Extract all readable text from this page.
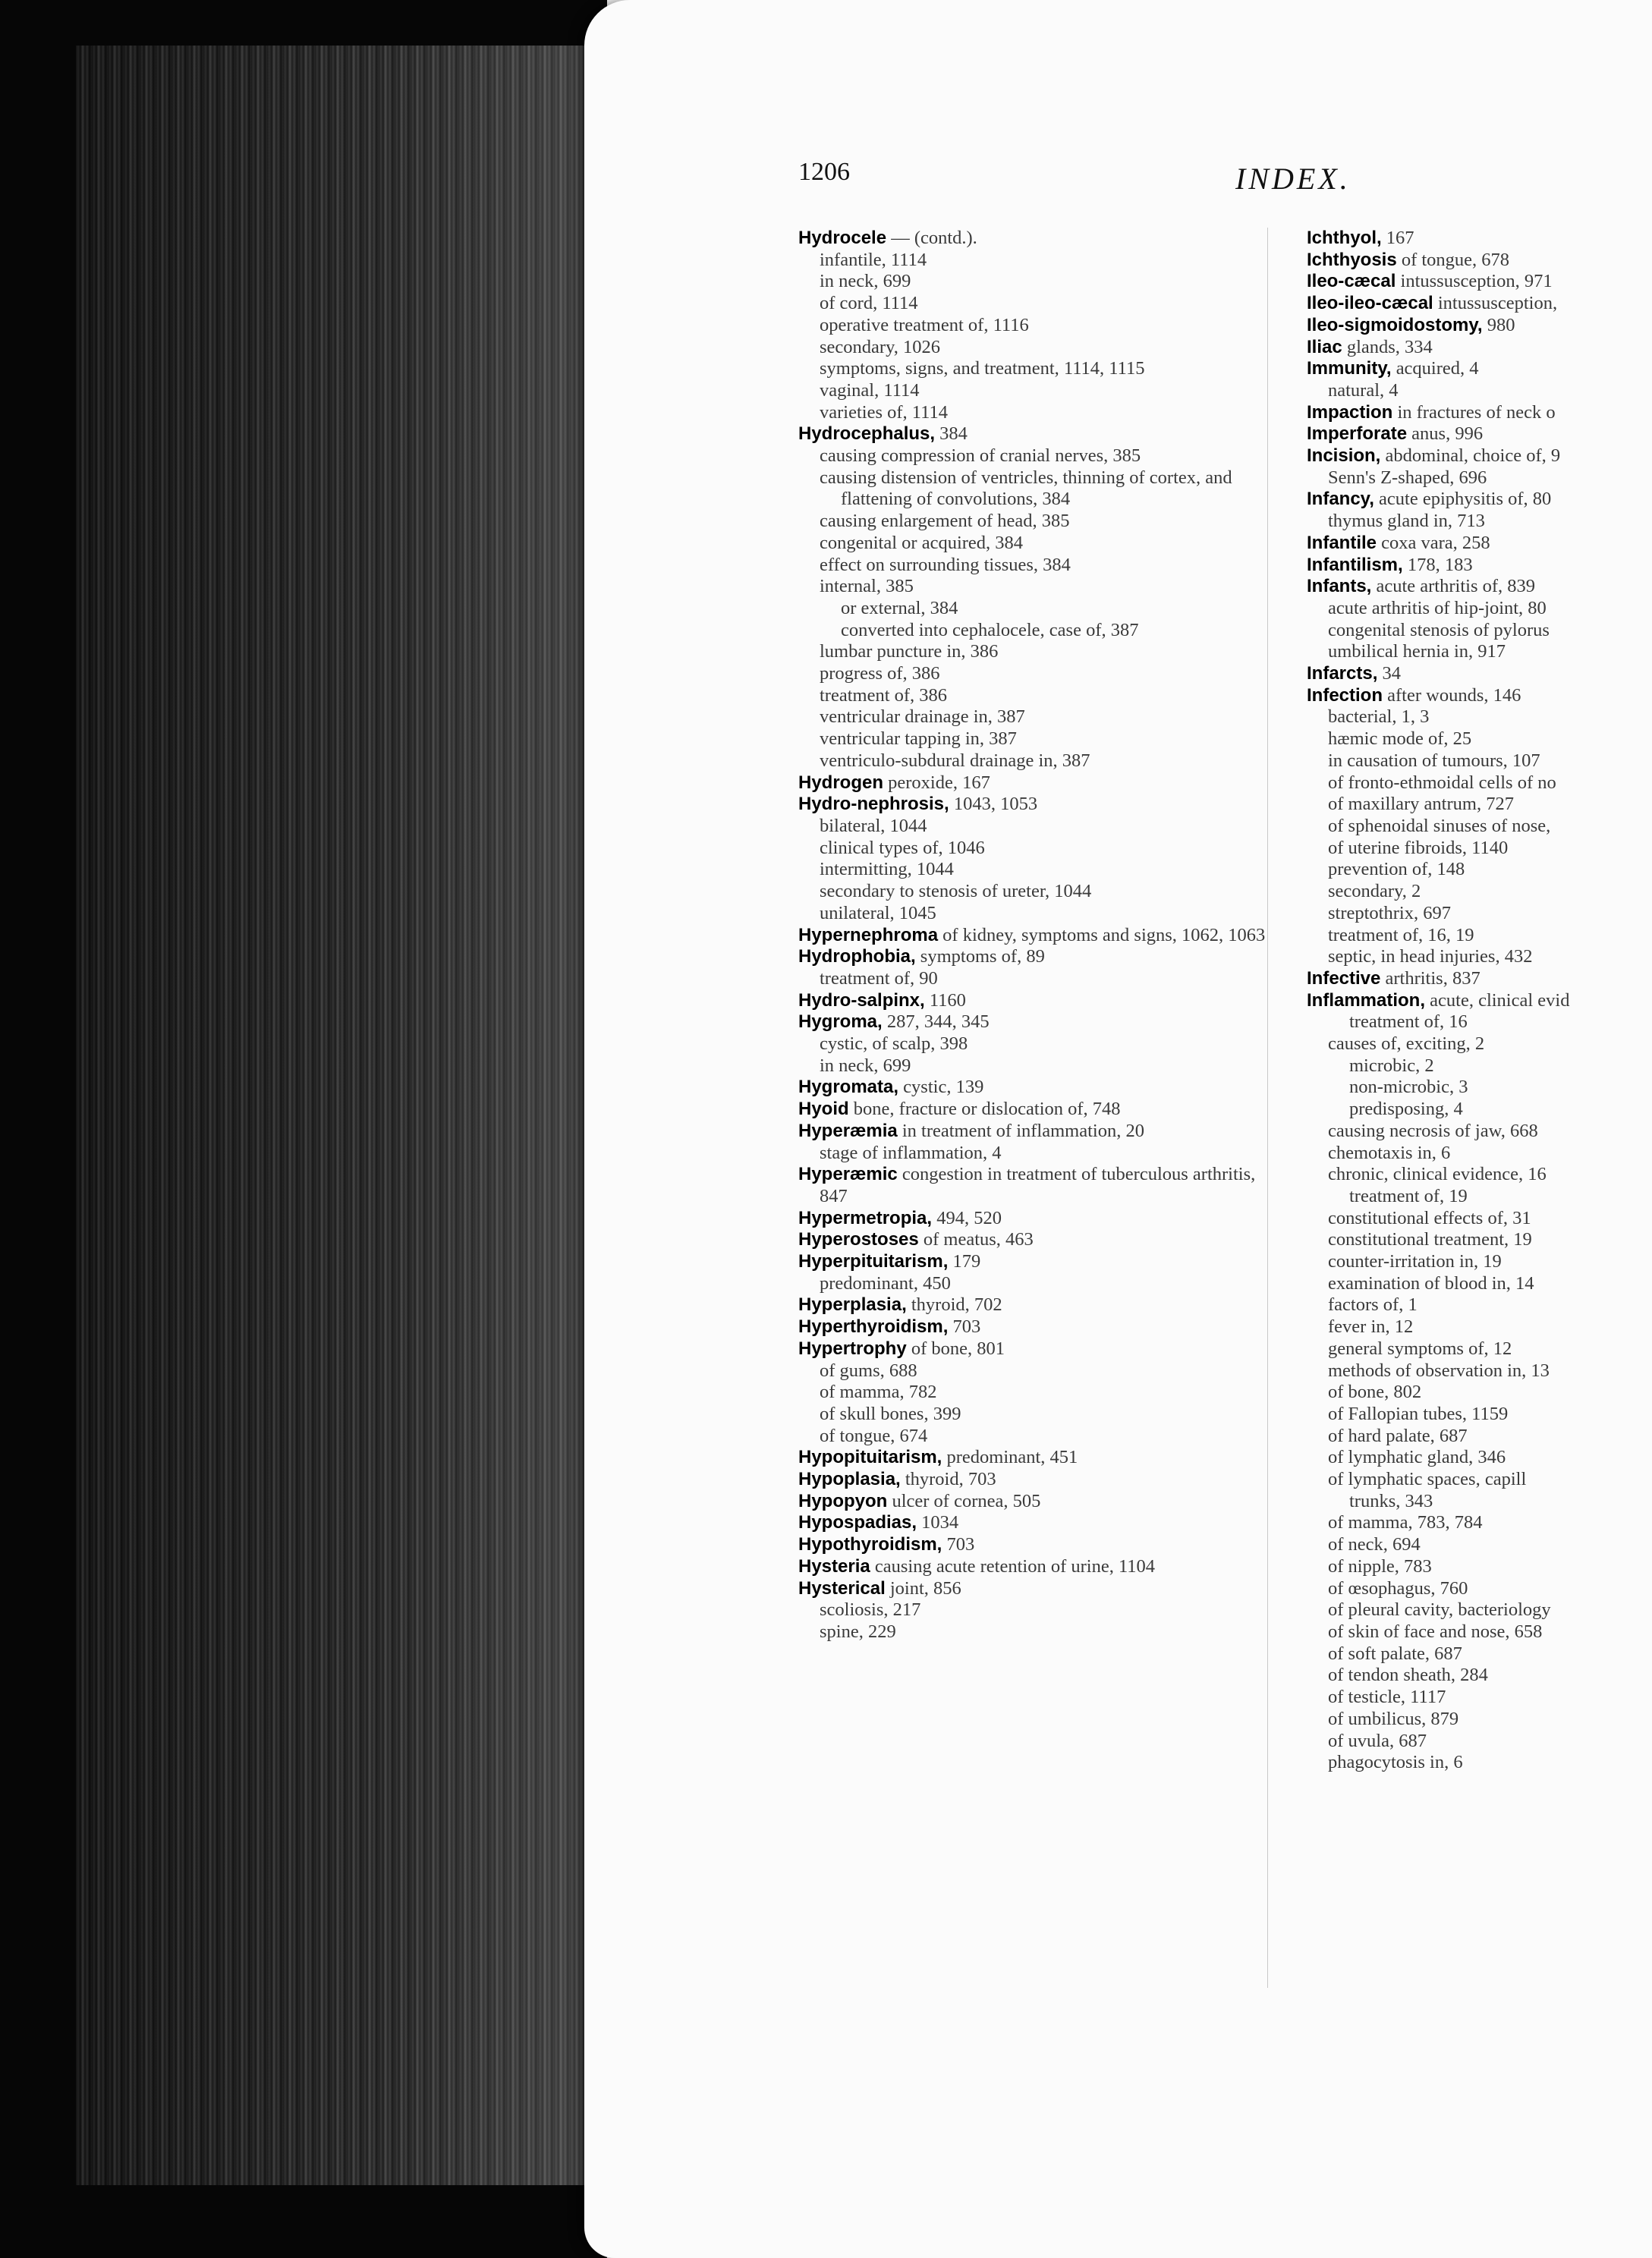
1206	INDEX.
Hydrocele — (contd.).
infantile, 1114
in neck, 699
of cord, 1114
operative treatment of, 1116
secondary, 1026
symptoms, signs, and treatment, 1114, 1115
vaginal, 1114
varieties of, 1114
Hydrocephalus, 384
causing compression of cranial nerves, 385
causing distension of ventricles, thinning of cortex, and flattening of convolutions, 384
causing enlargement of head, 385
congenital or acquired, 384
effect on surrounding tissues, 384
internal, 385
or external, 384
converted into cephalocele, case of, 387
lumbar puncture in, 386
progress of, 386
treatment of, 386
ventricular drainage in, 387
ventricular tapping in, 387
ventriculo-subdural drainage in, 387
Hydrogen peroxide, 167
Hydro-nephrosis, 1043, 1053
bilateral, 1044
clinical types of, 1046
intermitting, 1044
secondary to stenosis of ureter, 1044
unilateral, 1045
Hypernephroma of kidney, symptoms and signs, 1062, 1063
Hydrophobia, symptoms of, 89
treatment of, 90
Hydro-salpinx, 1160
Hygroma, 287, 344, 345
cystic, of scalp, 398
in neck, 699
Hygromata, cystic, 139
Hyoid bone, fracture or dislocation of, 748
Hyperæmia in treatment of inflammation, 20
stage of inflammation, 4
Hyperæmic congestion in treatment of tuberculous arthritis, 847
Hypermetropia, 494, 520
Hyperostoses of meatus, 463
Hyperpituitarism, 179
predominant, 450
Hyperplasia, thyroid, 702
Hyperthyroidism, 703
Hypertrophy of bone, 801
of gums, 688
of mamma, 782
of skull bones, 399
of tongue, 674
Hypopituitarism, predominant, 451
Hypoplasia, thyroid, 703
Hypopyon ulcer of cornea, 505
Hypospadias, 1034
Hypothyroidism, 703
Hysteria causing acute retention of urine, 1104
Hysterical joint, 856
scoliosis, 217
spine, 229
Ichthyol, 167
Ichthyosis of tongue, 678
Ileo-cæcal intussusception, 971
Ileo-ileo-cæcal intussusception,
Ileo-sigmoidostomy, 980
Iliac glands, 334
Immunity, acquired, 4
natural, 4
Impaction in fractures of neck o
Imperforate anus, 996
Incision, abdominal, choice of, 9
Senn's Z-shaped, 696
Infancy, acute epiphysitis of, 80
thymus gland in, 713
Infantile coxa vara, 258
Infantilism, 178, 183
Infants, acute arthritis of, 839
acute arthritis of hip-joint, 80
congenital stenosis of pylorus
umbilical hernia in, 917
Infarcts, 34
Infection after wounds, 146
bacterial, 1, 3
hæmic mode of, 25
in causation of tumours, 107
of fronto-ethmoidal cells of no
of maxillary antrum, 727
of sphenoidal sinuses of nose,
of uterine fibroids, 1140
prevention of, 148
secondary, 2
streptothrix, 697
treatment of, 16, 19
septic, in head injuries, 432
Infective arthritis, 837
Inflammation, acute, clinical evid
treatment of, 16
causes of, exciting, 2
microbic, 2
non-microbic, 3
predisposing, 4
causing necrosis of jaw, 668
chemotaxis in, 6
chronic, clinical evidence, 16
treatment of, 19
constitutional effects of, 31
constitutional treatment, 19
counter-irritation in, 19
examination of blood in, 14
factors of, 1
fever in, 12
general symptoms of, 12
methods of observation in, 13
of bone, 802
of Fallopian tubes, 1159
of hard palate, 687
of lymphatic gland, 346
of lymphatic spaces, capill
trunks, 343
of mamma, 783, 784
of neck, 694
of nipple, 783
of œsophagus, 760
of pleural cavity, bacteriology
of skin of face and nose, 658
of soft palate, 687
of tendon sheath, 284
of testicle, 1117
of umbilicus, 879
of uvula, 687
phagocytosis in, 6
